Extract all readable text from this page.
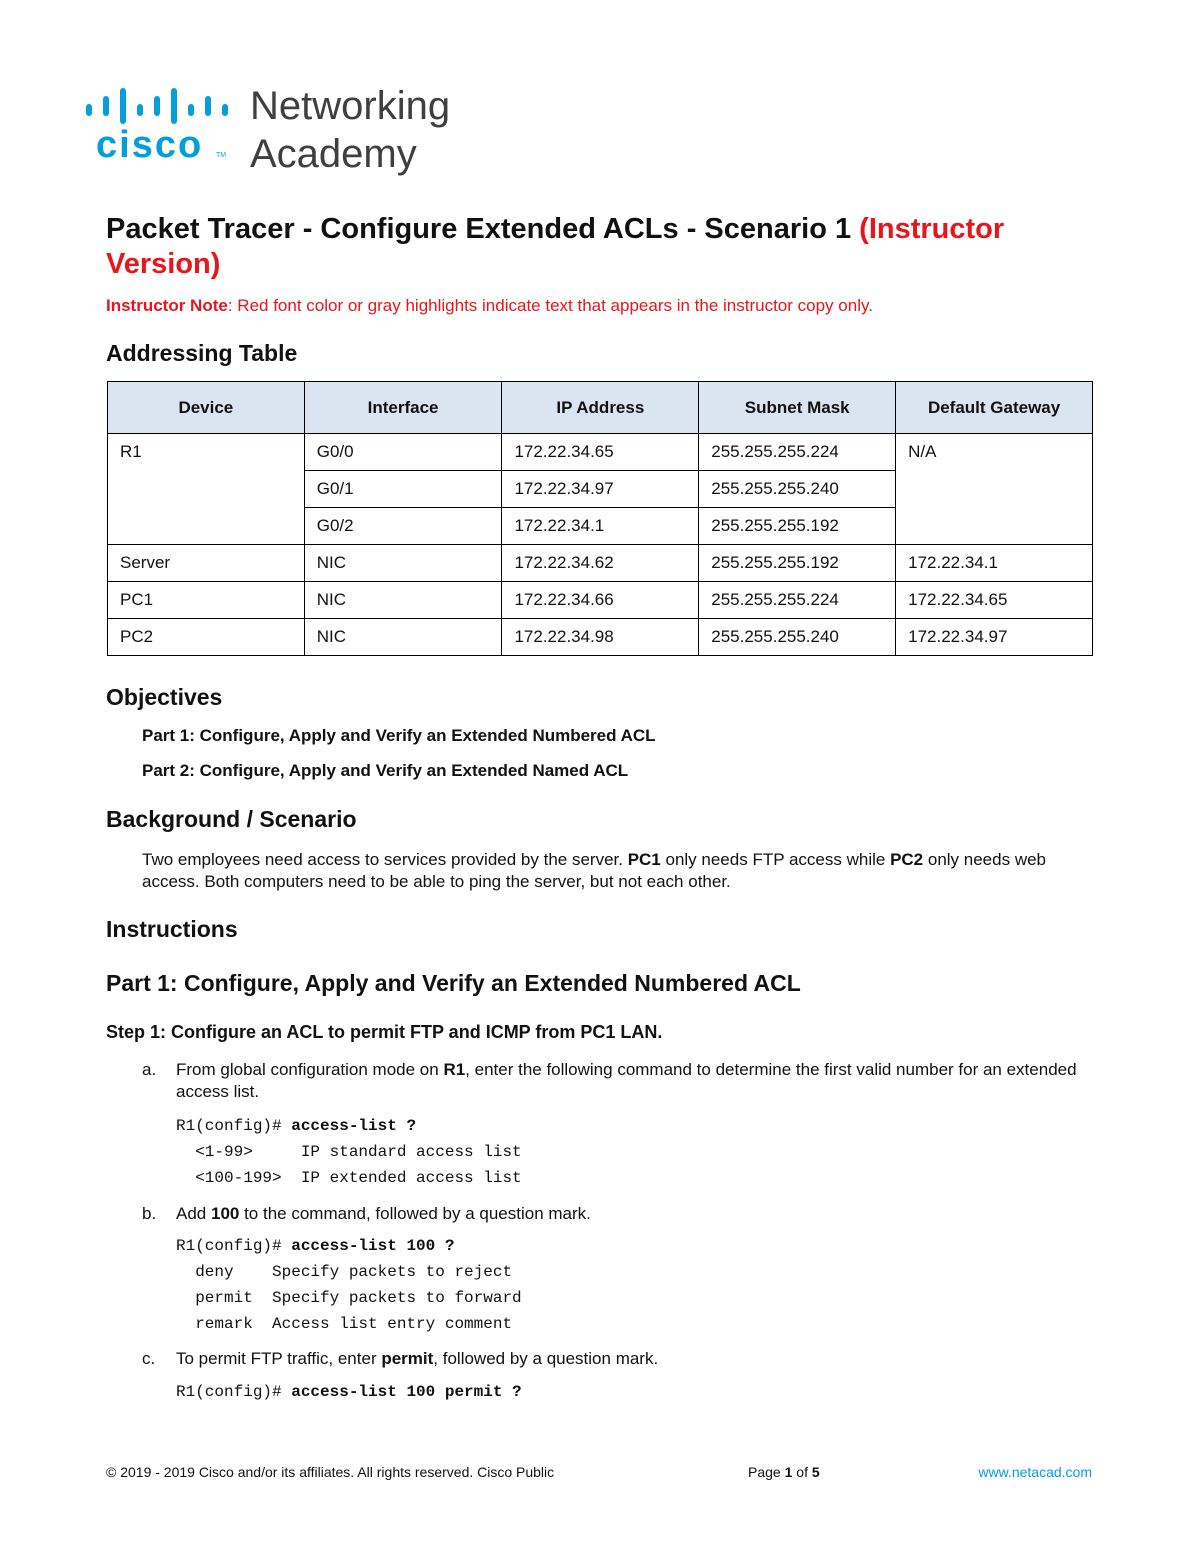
cisco TM
Networking
Academy
Packet Tracer - Configure Extended ACLs - Scenario 1 (Instructor Version)
Instructor Note: Red font color or gray highlights indicate text that appears in the instructor copy only.
Addressing Table
Device	Interface	IP Address	Subnet Mask	Default Gateway
R1	G0/0	172.22.34.65	255.255.255.224	N/A
	G0/1	172.22.34.97	255.255.255.240	
	G0/2	172.22.34.1	255.255.255.192	
Server	NIC	172.22.34.62	255.255.255.192	172.22.34.1
PC1	NIC	172.22.34.66	255.255.255.224	172.22.34.65
PC2	NIC	172.22.34.98	255.255.255.240	172.22.34.97
Objectives
Part 1: Configure, Apply and Verify an Extended Numbered ACL
Part 2: Configure, Apply and Verify an Extended Named ACL
Background / Scenario
Two employees need access to services provided by the server. PC1 only needs FTP access while PC2 only needs web access. Both computers need to be able to ping the server, but not each other.
Instructions
Part 1: Configure, Apply and Verify an Extended Numbered ACL
Step 1: Configure an ACL to permit FTP and ICMP from PC1 LAN.
a. From global configuration mode on R1, enter the following command to determine the first valid number for an extended access list.
R1(config)# access-list ?
<1-99>     IP standard access list
<100-199>  IP extended access list
b. Add 100 to the command, followed by a question mark.
R1(config)# access-list 100 ?
deny    Specify packets to reject
permit  Specify packets to forward
remark  Access list entry comment
c. To permit FTP traffic, enter permit, followed by a question mark.
R1(config)# access-list 100 permit ?
© 2019 - 2019 Cisco and/or its affiliates. All rights reserved. Cisco Public	Page 1 of 5	www.netacad.com
